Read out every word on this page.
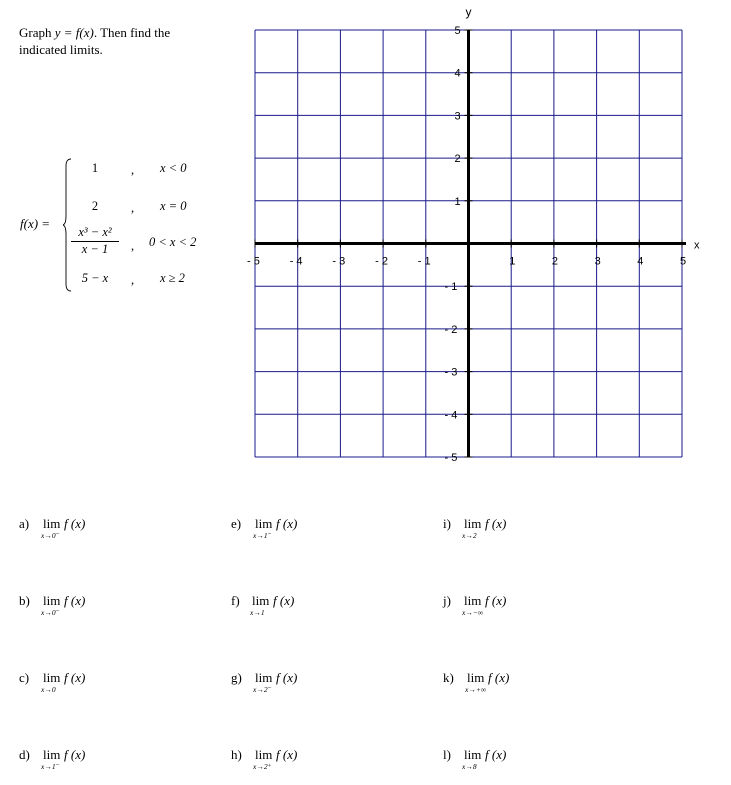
Graph y = f(x). Then find the indicated limits.
f(x) =
1	,	x < 0
2	,	x = 0
$\frac{\text{x³ − x²}}{x - 1}$ ,	0 < x < 2
5 − x	,	x ≥ 2
- 5	- 4	- 3	- 2	- 1	1	2	3	4	5
5
4
3
2
1
- 1
- 2
- 3
- 4
- 5
x
y
a) lim f (x)
x→0⁻
b) lim f (x)
x→0⁻
c) lim f (x)
x→0
d) lim f (x)
x→1⁻
e) lim f (x)
x→1⁻
f) lim f (x)
x→1
g) lim f (x)
x→2⁻
h) lim f (x)
x→2⁺
i) lim f (x)
x→2
j) lim f (x)
x→−∞
k) lim f (x)
x→+∞
l) lim f (x)
x→8
